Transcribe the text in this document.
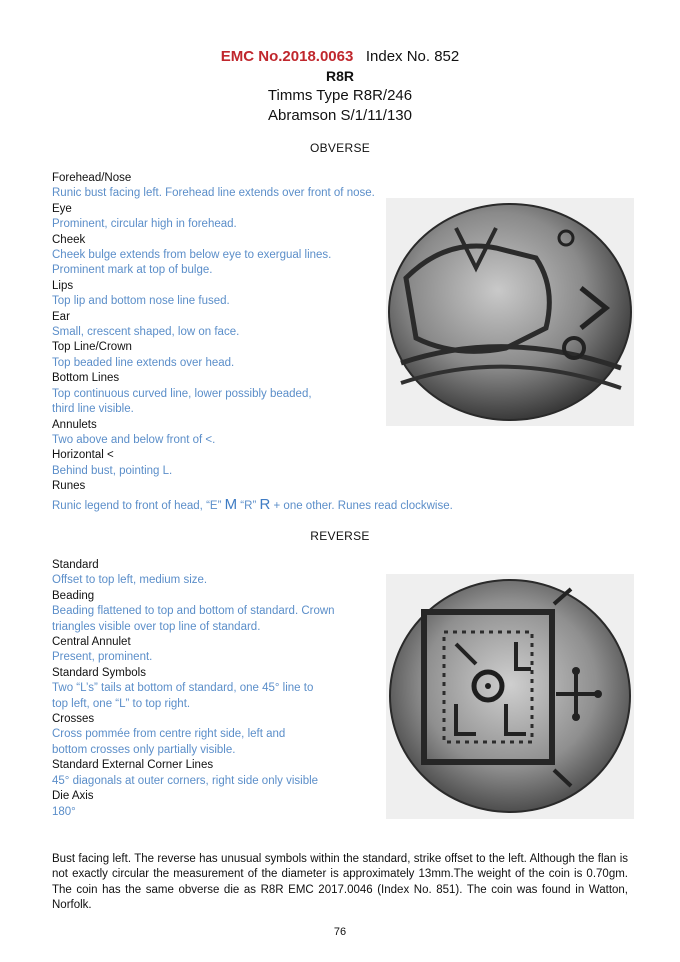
EMC No.2018.0063 Index No. 852
R8R
Timms Type R8R/246
Abramson S/1/11/130
OBVERSE
Forehead/Nose
Runic bust facing left. Forehead line extends over front of nose.
Eye
Prominent, circular high in forehead.
Cheek
Cheek bulge extends from below eye to exergual lines.
Prominent mark at top of bulge.
Lips
Top lip and bottom nose line fused.
Ear
Small, crescent shaped, low on face.
Top Line/Crown
Top beaded line extends over head.
Bottom Lines
Top continuous curved line, lower possibly beaded,
third line visible.
Annulets
Two above and below front of <.
Horizontal <
Behind bust, pointing L.
Runes
Runic legend to front of head, “E” M “R” R + one other. Runes read clockwise.
REVERSE
Standard
Offset to top left, medium size.
Beading
Beading flattened to top and bottom of standard. Crown
triangles visible over top line of standard.
Central Annulet
Present, prominent.
Standard Symbols
Two “L’s” tails at bottom of standard, one 45° line to
top left, one “L” to top right.
Crosses
Cross pommée from centre right side, left and
bottom crosses only partially visible.
Standard External Corner Lines
45° diagonals at outer corners, right side only visible
Die Axis
180°
Bust facing left. The reverse has unusual symbols within the standard, strike offset to the left. Although the flan is not exactly circular the measurement of the diameter is approximately 13mm.The weight of the coin is 0.70gm. The coin has the same obverse die as R8R EMC 2017.0046 (Index No. 851). The coin was found in Watton, Norfolk.
76
